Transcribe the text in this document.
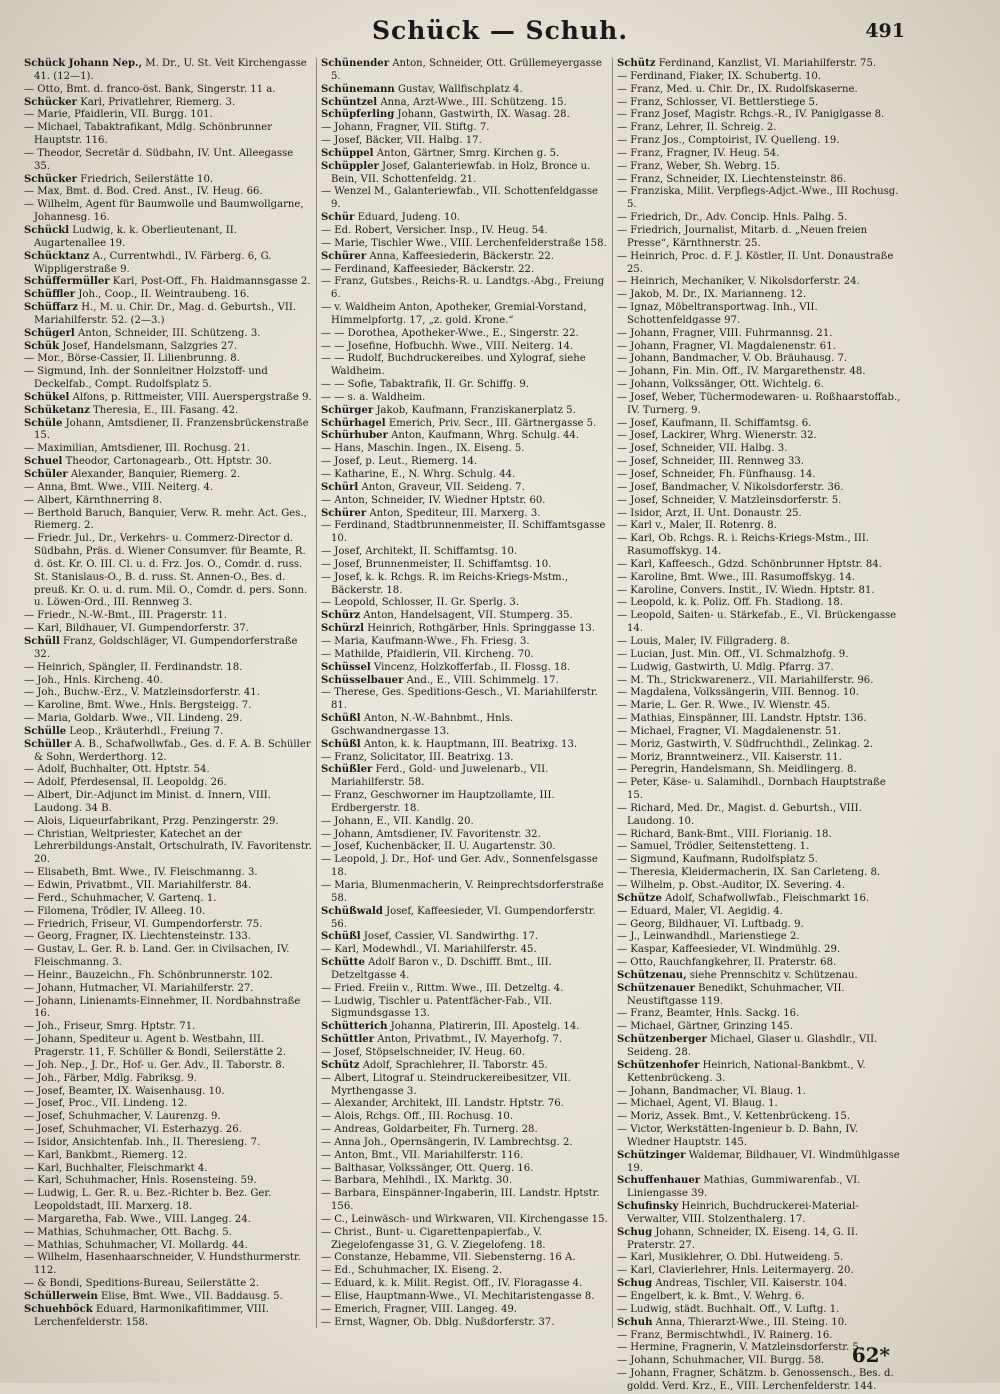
Schück — Schuh.	491

Schück Johann Nep., M. Dr., U. St. Veit Kirchengasse 41. (12—1).

— Otto, Bmt. d. franco-öst. Bank, Singerstr. 11 a.

Schücker Karl, Privatlehrer, Riemerg. 3.

— Marie, Pfaidlerin, VII. Burgg. 101.

— Michael, Tabaktrafikant, Mdlg. Schönbrunner Hauptstr. 116.

— Theodor, Secretär d. Südbahn, IV. Unt. Alleegasse 35.

Schücker Friedrich, Seilerstätte 10.

— Max, Bmt. d. Bod. Cred. Anst., IV. Heug. 66.

— Wilhelm, Agent für Baumwolle und Baumwollgarne, Johannesg. 16.

Schückl Ludwig, k. k. Oberlieutenant, II. Augartenallee 19.

Schücktanz A., Currentwhdl., IV. Färberg. 6, G. Wippligerstraße 9.

Schüffermüller Karl, Post-Off., Fh. Haidmannsgasse 2.

Schüffler Joh., Coop., II. Weintraubeng. 16.

Schüffarz H., M. u. Chir. Dr., Mag. d. Geburtsh., VII. Mariahilferstr. 52. (2—3.)

Schügerl Anton, Schneider, III. Schützeng. 3.

Schük Josef, Handelsmann, Salzgries 27.

— Mor., Börse-Cassier, II. Lilienbrunng. 8.

— Sigmund, Inh. der Sonnleitner Holzstoff- und Deckelfab., Compt. Rudolfsplatz 5.

Schükel Alfons, p. Rittmeister, VIII. Auerspergstraße 9.

Schüketanz Theresia, E., III. Fasang. 42.

Schüle Johann, Amtsdiener, II. Franzensbrückenstraße 15.

— Maximilian, Amtsdiener, III. Rochusg. 21.

Schuel Theodor, Cartonagearb., Ott. Hptstr. 30.

Schüler Alexander, Banquier, Riemerg. 2.

— Anna, Bmt. Wwe., VIII. Neiterg. 4.

— Albert, Kärnthnerring 8.

— Berthold Baruch, Banquier, Verw. R. mehr. Act. Ges., Riemerg. 2.

— Friedr. Jul., Dr., Verkehrs- u. Commerz-Director d. Südbahn, Präs. d. Wiener Consumver. für Beamte, R. d. öst. Kr. O. III. Cl. u. d. Frz. Jos. O., Comdr. d. russ. St. Stanislaus-O., B. d. russ. St. Annen-O., Bes. d. preuß. Kr. O. u. d. rum. Mil. O., Comdr. d. pers. Sonn. u. Löwen-Ord., III. Rennweg 3.

— Friedr., N.-W.-Bmt., III. Pragerstr. 11.

— Karl, Bildhauer, VI. Gumpendorferstr. 37.

Schüll Franz, Goldschläger, VI. Gumpendorferstraße 32.

— Heinrich, Spängler, II. Ferdinandstr. 18.

— Joh., Hnls. Kircheng. 40.

— Joh., Buchw.-Erz., V. Matzleinsdorferstr. 41.

— Karoline, Bmt. Wwe., Hnls. Bergsteigg. 7.

— Maria, Goldarb. Wwe., VII. Lindeng. 29.

Schülle Leop., Kräuterhdl., Freiung 7.

Schüller A. B., Schafwollwfab., Ges. d. F. A. B. Schüller & Sohn, Werderthorg. 12.

— Adolf, Buchhalter, Ott. Hptstr. 54.

— Adolf, Pferdesensal, II. Leopoldg. 26.

— Albert, Dir.-Adjunct im Minist. d. Innern, VIII. Laudong. 34 B.

— Alois, Liqueurfabrikant, Przg. Penzingerstr. 29.

— Christian, Weltpriester, Katechet an der Lehrerbildungs-Anstalt, Ortschulrath, IV. Favoritenstr. 20.

— Elisabeth, Bmt. Wwe., IV. Fleischmanng. 3.

— Edwin, Privatbmt., VII. Mariahilferstr. 84.

— Ferd., Schuhmacher, V. Gartenq. 1.

— Filomena, Trödler, IV. Alleeg. 10.

— Friedrich, Friseur, VI. Gumpendorferstr. 75.

— Georg, Fragner, IX. Liechtensteinstr. 133.

— Gustav, L. Ger. R. b. Land. Ger. in Civilsachen, IV. Fleischmanng. 3.

— Heinr., Bauzeichn., Fh. Schönbrunnerstr. 102.

— Johann, Hutmacher, VI. Mariahilferstr. 27.

— Johann, Linienamts-Einnehmer, II. Nordbahnstraße 16.

— Joh., Friseur, Smrg. Hptstr. 71.

— Johann, Spediteur u. Agent b. Westbahn, III. Pragerstr. 11, F. Schüller & Bondi, Seilerstätte 2.

— Joh. Nep., J. Dr., Hof- u. Ger. Adv., II. Taborstr. 8.

— Joh., Färber, Mdlg. Fabriksg. 9.

— Josef, Beamter, IX. Waisenhausg. 10.

— Josef, Proc., VII. Lindeng. 12.

— Josef, Schuhmacher, V. Laurenzg. 9.

— Josef, Schuhmacher, VI. Esterhazyg. 26.

— Isidor, Ansichtenfab. Inh., II. Theresieng. 7.

— Karl, Bankbmt., Riemerg. 12.

— Karl, Buchhalter, Fleischmarkt 4.

— Karl, Schuhmacher, Hnls. Rosensteing. 59.

— Ludwig, L. Ger. R. u. Bez.-Richter b. Bez. Ger. Leopoldstadt, III. Marxerg. 18.

— Margaretha, Fab. Wwe., VIII. Langeg. 24.

— Mathias, Schuhmacher, Ott. Bachg. 5.

— Mathias, Schuhmacher, VI. Mollardg. 44.

— Wilhelm, Hasenhaarschneider, V. Hundsthurmerstr. 112.

— & Bondi, Speditions-Bureau, Seilerstätte 2.

Schüllerwein Elise, Bmt. Wwe., VII. Baddausg. 5.

Schuehböck Eduard, Harmonikafitimmer, VIII. Lerchenfelderstr. 158.

Schünender Anton, Schneider, Ott. Grüllemeyergasse 5.

Schünemann Gustav, Wallfischplatz 4.

Schüntzel Anna, Arzt-Wwe., III. Schützeng. 15.

Schüpferling Johann, Gastwirth, IX. Wasag. 28.

— Johann, Fragner, VII. Stiftg. 7.

— Josef, Bäcker, VII. Halbg. 17.

Schüppel Anton, Gärtner, Smrg. Kirchen g. 5.

Schüppler Josef, Galanteriewfab. in Holz, Bronce u. Bein, VII. Schottenfeldg. 21.

— Wenzel M., Galanteriewfab., VII. Schottenfeldgasse 9.

Schür Eduard, Judeng. 10.

— Ed. Robert, Versicher. Insp., IV. Heug. 54.

— Marie, Tischler Wwe., VIII. Lerchenfelderstraße 158.

Schürer Anna, Kaffeesiederin, Bäckerstr. 22.

— Ferdinand, Kaffeesieder, Bäckerstr. 22.

— Franz, Gutsbes., Reichs-R. u. Landtgs.-Abg., Freiung 6.

— v. Waldheim Anton, Apotheker, Gremial-Vorstand, Himmelpfortg. 17, „z. gold. Krone.“

— — Dorothea, Apotheker-Wwe., E., Singerstr. 22.

— — Josefine, Hofbuchh. Wwe., VIII. Neiterg. 14.

— — Rudolf, Buchdruckereibes. und Xylograf, siehe Waldheim.

— — Sofie, Tabaktrafik, II. Gr. Schiffg. 9.

— — s. a. Waldheim.

Schürger Jakob, Kaufmann, Franziskanerplatz 5.

Schürhagel Emerich, Priv. Secr., III. Gärtnergasse 5.

Schürhuber Anton, Kaufmann, Whrg. Schulg. 44.

— Hans, Maschin. Ingen., IX. Eiseng. 5.

— Josef, p. Leut., Riemerg. 14.

— Katharine, E., N. Whrg. Schulg. 44.

Schürl Anton, Graveur, VII. Seideng. 7.

— Anton, Schneider, IV. Wiedner Hptstr. 60.

Schürer Anton, Spediteur, III. Marxerg. 3.

— Ferdinand, Stadtbrunnenmeister, II. Schiffamtsgasse 10.

— Josef, Architekt, II. Schiffamtsg. 10.

— Josef, Brunnenmeister, II. Schiffamtsg. 10.

— Josef, k. k. Rchgs. R. im Reichs-Kriegs-Mstm., Bäckerstr. 18.

— Leopold, Schlosser, II. Gr. Sperlg. 3.

Schürz Anton, Handelsagent, VII. Stumperg. 35.

Schürzl Heinrich, Rothgärber, Hnls. Springgasse 13.

— Maria, Kaufmann-Wwe., Fh. Friesg. 3.

— Mathilde, Pfaidlerin, VII. Kircheng. 70.

Schüssel Vincenz, Holzkofferfab., II. Flossg. 18.

Schüsselbauer And., E., VIII. Schimmelg. 17.

— Therese, Ges. Speditions-Gesch., VI. Mariahilferstr. 81.

Schüßl Anton, N.-W.-Bahnbmt., Hnls. Gschwandnergasse 13.

Schüßl Anton, k. k. Hauptmann, III. Beatrixg. 13.

— Franz, Solicitator, III. Beatrixg. 13.

Schüßler Ferd., Gold- und Juwelenarb., VII. Mariahilferstr. 58.

— Franz, Geschworner im Hauptzollamte, III. Erdbergerstr. 18.

— Johann, E., VII. Kandlg. 20.

— Johann, Amtsdiener, IV. Favoritenstr. 32.

— Josef, Kuchenbäcker, II. U. Augartenstr. 30.

— Leopold, J. Dr., Hof- und Ger. Adv., Sonnenfelsgasse 18.

— Maria, Blumenmacherin, V. Reinprechtsdorferstraße 58.

Schüßwald Josef, Kaffeesieder, VI. Gumpendorferstr. 56.

Schüßl Josef, Cassier, VI. Sandwirthg. 17.

— Karl, Modewhdl., VI. Mariahilferstr. 45.

Schütte Adolf Baron v., D. Dschifff. Bmt., III. Detzeltgasse 4.

— Fried. Freiin v., Rittm. Wwe., III. Detzeltg. 4.

— Ludwig, Tischler u. Patentfächer-Fab., VII. Sigmundsgasse 13.

Schütterich Johanna, Platirerin, III. Apostelg. 14.

Schüttler Anton, Privatbmt., IV. Mayerhofg. 7.

— Josef, Stöpselschneider, IV. Heug. 60.

Schütz Adolf, Sprachlehrer, II. Taborstr. 45.

— Albert, Litograf u. Steindruckereibesitzer, VII. Myrthengasse 3.

— Alexander, Architekt, III. Landstr. Hptstr. 76.

— Alois, Rchgs. Off., III. Rochusg. 10.

— Andreas, Goldarbeiter, Fh. Turnerg. 28.

— Anna Joh., Opernsängerin, IV. Lambrechtsg. 2.

— Anton, Bmt., VII. Mariahilferstr. 116.

— Balthasar, Volkssänger, Ott. Querg. 16.

— Barbara, Mehlhdl., IX. Marktg. 30.

— Barbara, Einspänner-Ingaberin, III. Landstr. Hptstr. 156.

— C., Leinwäsch- und Wirkwaren, VII. Kirchengasse 15.

— Christ., Bunt- u. Cigarettenpapierfab., V. Ziegelofengasse 31, G. V. Ziegelofeng. 18.

— Constanze, Hebamme, VII. Siebensterng. 16 A.

— Ed., Schuhmacher, IX. Eiseng. 2.

— Eduard, k. k. Milit. Regist. Off., IV. Floragasse 4.

— Elise, Hauptmann-Wwe., VI. Mechitaristengasse 8.

— Emerich, Fragner, VIII. Langeg. 49.

— Ernst, Wagner, Ob. Dblg. Nußdorferstr. 37.

Schütz Ferdinand, Kanzlist, VI. Mariahilferstr. 75.

— Ferdinand, Fiaker, IX. Schubertg. 10.

— Franz, Med. u. Chir. Dr., IX. Rudolfskaserne.

— Franz, Schlosser, VI. Bettlerstiege 5.

— Franz Josef, Magistr. Rchgs.-R., IV. Paniglgasse 8.

— Franz, Lehrer, II. Schreig. 2.

— Franz Jos., Comptoirist, IV. Quelleng. 19.

— Franz, Fragner, IV. Heug. 54.

— Franz, Weber, Sh. Webrg. 15.

— Franz, Schneider, IX. Liechtensteinstr. 86.

— Franziska, Milit. Verpflegs-Adjct.-Wwe., III Rochusg. 5.

— Friedrich, Dr., Adv. Concip. Hnls. Palhg. 5.

— Friedrich, Journalist, Mitarb. d. „Neuen freien Presse“, Kärnthnerstr. 25.

— Heinrich, Proc. d. F. J. Köstler, II. Unt. Donaustraße 25.

— Heinrich, Mechaniker, V. Nikolsdorferstr. 24.

— Jakob, M. Dr., IX. Marianneng. 12.

— Ignaz, Möbeltransportwag. Inh., VII. Schottenfeldgasse 97.

— Johann, Fragner, VIII. Fuhrmannsg. 21.

— Johann, Fragner, VI. Magdalenenstr. 61.

— Johann, Bandmacher, V. Ob. Bräuhausg. 7.

— Johann, Fin. Min. Off., IV. Margarethenstr. 48.

— Johann, Volkssänger, Ott. Wichtelg. 6.

— Josef, Weber, Tüchermodewaren- u. Roßhaarstoffab., IV. Turnerg. 9.

— Josef, Kaufmann, II. Schiffamtsg. 6.

— Josef, Lackirer, Whrg. Wienerstr. 32.

— Josef, Schneider, VII. Halbg. 3.

— Josef, Schneider, III. Rennweg 33.

— Josef, Schneider, Fh. Fünfhausg. 14.

— Josef, Bandmacher, V. Nikolsdorferstr. 36.

— Josef, Schneider, V. Matzleinsdorferstr. 5.

— Isidor, Arzt, II. Unt. Donaustr. 25.

— Karl v., Maler, II. Rotenrg. 8.

— Karl, Ob. Rchgs. R. i. Reichs-Kriegs-Mstm., III. Rasumoffskyg. 14.

— Karl, Kaffeesch., Gdzd. Schönbrunner Hptstr. 84.

— Karoline, Bmt. Wwe., III. Rasumoffskyg. 14.

— Karoline, Convers. Instit., IV. Wiedn. Hptstr. 81.

— Leopold, k. k. Poliz. Off. Fh. Stadiong. 18.

— Leopold, Saiten- u. Stärkefab., E., VI. Brückengasse 14.

— Louis, Maler, IV. Fillgraderg. 8.

— Lucian, Just. Min. Off., VI. Schmalzhofg. 9.

— Ludwig, Gastwirth, U. Mdlg. Pfarrg. 37.

— M. Th., Strickwarenerz., VII. Mariahilferstr. 96.

— Magdalena, Volkssängerin, VIII. Bennog. 10.

— Marie, L. Ger. R. Wwe., IV. Wienstr. 45.

— Mathias, Einspänner, III. Landstr. Hptstr. 136.

— Michael, Fragner, VI. Magdalenenstr. 51.

— Moriz, Gastwirth, V. Südfruchthdl., Zelinkag. 2.

— Moriz, Branntweinerz., VII. Kaiserstr. 11.

— Peregrin, Handelsmann, Sh. Meidlingerg. 8.

— Peter, Käse- u. Salamihdl., Dornbach Hauptstraße 15.

— Richard, Med. Dr., Magist. d. Geburtsh., VIII. Laudong. 10.

— Richard, Bank-Bmt., VIII. Florianig. 18.

— Samuel, Trödler, Seitenstetteng. 1.

— Sigmund, Kaufmann, Rudolfsplatz 5.

— Theresia, Kleidermacherin, IX. San Carleteng. 8.

— Wilhelm, p. Obst.-Auditor, IX. Severing. 4.

Schütze Adolf, Schafwollwfab., Fleischmarkt 16.

— Eduard, Maler, VI. Aegidig. 4.

— Georg, Bildhauer, VI. Luftbadg. 9.

— J., Leinwandhdl., Marienstiege 2.

— Kaspar, Kaffeesieder, VI. Windmühlg. 29.

— Otto, Rauchfangkehrer, II. Praterstr. 68.

Schützenau, siehe Prennschitz v. Schützenau.

Schützenauer Benedikt, Schuhmacher, VII. Neustiftgasse 119.

— Franz, Beamter, Hnls. Sackg. 16.

— Michael, Gärtner, Grinzing 145.

Schützenberger Michael, Glaser u. Glashdlr., VII. Seideng. 28.

Schützenhofer Heinrich, National-Bankbmt., V. Kettenbrückeng. 3.

— Johann, Bandmacher, VI. Blaug. 1.

— Michael, Agent, VI. Blaug. 1.

— Moriz, Assek. Bmt., V. Kettenbrückeng. 15.

— Victor, Werkstätten-Ingenieur b. D. Bahn, IV. Wiedner Hauptstr. 145.

Schützinger Waldemar, Bildhauer, VI. Windmühlgasse 19.

Schuffenhauer Mathias, Gummiwarenfab., VI. Liniengasse 39.

Schufinsky Heinrich, Buchdruckerei-Material-Verwalter, VIII. Stolzenthalerg. 17.

Schug Johann, Schneider, IX. Eiseng. 14, G. II. Praterstr. 27.

— Karl, Musiklehrer, O. Dbl. Hutweideng. 5.

— Karl, Clavierlehrer, Hnls. Leitermayerg. 20.

Schug Andreas, Tischler, VII. Kaiserstr. 104.

— Engelbert, k. k. Bmt., V. Wehrg. 6.

— Ludwig, städt. Buchhalt. Off., V. Luftg. 1.

Schuh Anna, Thierarzt-Wwe., III. Steing. 10.

— Franz, Bermischtwhdl., IV. Rainerg. 16.

— Hermine, Fragnerin, V. Matzleinsdorferstr. 5.

— Johann, Schuhmacher, VII. Burgg. 58.

— Johann, Fragner, Schätzm. b. Genossensch., Bes. d. goldd. Verd. Krz., E., VIII. Lerchenfelderstr. 144.

62*
